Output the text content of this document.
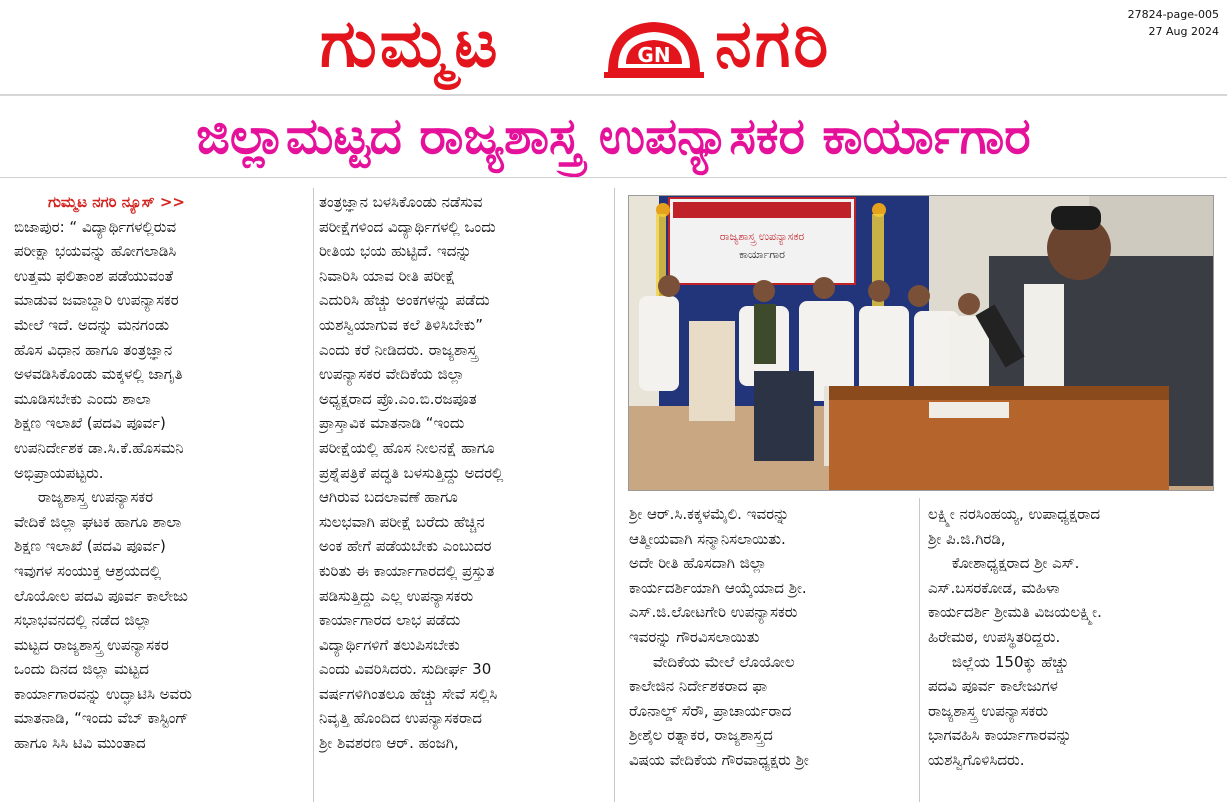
ಗುಮ್ಮಟ	GN ನಗರಿ	27824-page-005
27 Aug 2024
ಜಿಲ್ಲಾಮಟ್ಟದ ರಾಜ್ಯಶಾಸ್ತ್ರ ಉಪನ್ಯಾಸಕರ ಕಾರ್ಯಾಗಾರ
ಗುಮ್ಮಟ ನಗರಿ ನ್ಯೂಸ್ >>
ಬಿಜಾಪುರ: “ ವಿದ್ಯಾರ್ಥಿಗಳಲ್ಲಿರುವ
ಪರೀಕ್ಷಾ ಭಯವನ್ನು ಹೋಗಲಾಡಿಸಿ
ಉತ್ತಮ ಫಲಿತಾಂಶ ಪಡೆಯುವಂತೆ
ಮಾಡುವ ಜವಾಬ್ದಾರಿ ಉಪನ್ಯಾಸಕರ
ಮೇಲೆ ಇದೆ. ಅದನ್ನು ಮನಗಂಡು
ಹೊಸ ವಿಧಾನ ಹಾಗೂ ತಂತ್ರಜ್ಞಾನ
ಅಳವಡಿಸಿಕೊಂಡು ಮಕ್ಕಳಲ್ಲಿ ಜಾಗೃತಿ
ಮೂಡಿಸಬೇಕು ಎಂದು ಶಾಲಾ
ಶಿಕ್ಷಣ ಇಲಾಖೆ (ಪದವಿ ಪೂರ್ವ)
ಉಪನಿರ್ದೇಶಕ ಡಾ.ಸಿ.ಕೆ.ಹೊಸಮನಿ
ಅಭಿಪ್ರಾಯಪಟ್ಟರು.
ರಾಜ್ಯಶಾಸ್ತ್ರ ಉಪನ್ಯಾಸಕರ
ವೇದಿಕೆ ಜಿಲ್ಲಾ ಘಟಕ ಹಾಗೂ ಶಾಲಾ
ಶಿಕ್ಷಣ ಇಲಾಖೆ (ಪದವಿ ಪೂರ್ವ)
ಇವುಗಳ ಸಂಯುಕ್ತ ಆಶ್ರಯದಲ್ಲಿ
ಲೊಯೋಲ ಪದವಿ ಪೂರ್ವ ಕಾಲೇಜು
ಸಭಾಭವನದಲ್ಲಿ ನಡೆದ ಜಿಲ್ಲಾ
ಮಟ್ಟದ ರಾಜ್ಯಶಾಸ್ತ್ರ ಉಪನ್ಯಾಸಕರ
ಒಂದು ದಿನದ ಜಿಲ್ಲಾ ಮಟ್ಟದ
ಕಾರ್ಯಾಗಾರವನ್ನು ಉದ್ಘಾಟಿಸಿ ಅವರು
ಮಾತನಾಡಿ, “ಇಂದು ವೆಬ್ ಕಾಸ್ಟಿಂಗ್
ಹಾಗೂ ಸಿಸಿ ಟಿವಿ ಮುಂತಾದ
ತಂತ್ರಜ್ಞಾನ ಬಳಸಿಕೊಂಡು ನಡೆಸುವ
ಪರೀಕ್ಷೆಗಳಿಂದ ವಿದ್ಯಾರ್ಥಿಗಳಲ್ಲಿ ಒಂದು
ರೀತಿಯ ಭಯ ಹುಟ್ಟಿದೆ. ಇದನ್ನು
ನಿವಾರಿಸಿ ಯಾವ ರೀತಿ ಪರೀಕ್ಷೆ
ಎದುರಿಸಿ ಹೆಚ್ಚು ಅಂಕಗಳನ್ನು ಪಡೆದು
ಯಶಸ್ವಿಯಾಗುವ ಕಲೆ ತಿಳಿಸಿಬೇಕು”
ಎಂದು ಕರೆ ನೀಡಿದರು. ರಾಜ್ಯಶಾಸ್ತ್ರ
ಉಪನ್ಯಾಸಕರ ವೇದಿಕೆಯ ಜಿಲ್ಲಾ
ಅಧ್ಯಕ್ಷರಾದ ಪ್ರೊ.ಎಂ.ಬಿ.ರಜಪೂತ
ಪ್ರಾಸ್ತಾವಿಕ ಮಾತನಾಡಿ “ಇಂದು
ಪರೀಕ್ಷೆಯಲ್ಲಿ ಹೊಸ ನೀಲನಕ್ಷೆ ಹಾಗೂ
ಪ್ರಶ್ನೆಪತ್ರಿಕೆ ಪದ್ಧತಿ ಬಳಸುತ್ತಿದ್ದು ಅದರಲ್ಲಿ
ಆಗಿರುವ ಬದಲಾವಣೆ ಹಾಗೂ
ಸುಲಭವಾಗಿ ಪರೀಕ್ಷೆ ಬರೆದು ಹೆಚ್ಚಿನ
ಅಂಕ ಹೇಗೆ ಪಡೆಯಬೇಕು ಎಂಬುದರ
ಕುರಿತು ಈ ಕಾರ್ಯಾಗಾರದಲ್ಲಿ ಪ್ರಸ್ತುತ
ಪಡಿಸುತ್ತಿದ್ದು ಎಲ್ಲ ಉಪನ್ಯಾಸಕರು
ಕಾರ್ಯಾಗಾರದ ಲಾಭ ಪಡೆದು
ವಿದ್ಯಾರ್ಥಿಗಳಿಗೆ ತಲುಪಿಸಬೇಕು
ಎಂದು ವಿವರಿಸಿದರು. ಸುದೀರ್ಘ 30
ವರ್ಷಗಳಿಗಿಂತಲೂ ಹೆಚ್ಚು ಸೇವೆ ಸಲ್ಲಿಸಿ
ನಿವೃತ್ತಿ ಹೊಂದಿದ ಉಪನ್ಯಾಸಕರಾದ
ಶ್ರೀ ಶಿವಶರಣ ಆರ್. ಹಂಜಗಿ,
ರಾಜ್ಯಶಾಸ್ತ್ರ ಉಪನ್ಯಾಸಕರ
ಕಾರ್ಯಾಗಾರ
ಶ್ರೀ ಆರ್.ಸಿ.ಕಕ್ಕಳಮೈಲಿ. ಇವರನ್ನು
ಆತ್ಮೀಯವಾಗಿ ಸನ್ಮಾನಿಸಲಾಯಿತು.
ಅದೇ ರೀತಿ ಹೊಸದಾಗಿ ಜಿಲ್ಲಾ
ಕಾರ್ಯದರ್ಶಿಯಾಗಿ ಆಯ್ಕೆಯಾದ ಶ್ರೀ.
ಎಸ್.ಜಿ.ಲೋಟಗೇರಿ ಉಪನ್ಯಾಸಕರು
ಇವರನ್ನು ಗೌರವಿಸಲಾಯಿತು
ವೇದಿಕೆಯ ಮೇಲೆ ಲೊಯೋಲ
ಕಾಲೇಜಿನ ನಿರ್ದೇಶಕರಾದ ಫಾ
ರೊನಾಲ್ಡ್ ಸೆರೌ, ಪ್ರಾಚಾರ್ಯರಾದ
ಶ್ರೀಶೈಲ ರತ್ನಾಕರ, ರಾಜ್ಯಶಾಸ್ತ್ರದ
ವಿಷಯ ವೇದಿಕೆಯ ಗೌರವಾಧ್ಯಕ್ಷರು ಶ್ರೀ
ಲಕ್ಷ್ಮೀ ನರಸಿಂಹಯ್ಯ, ಉಪಾಧ್ಯಕ್ಷರಾದ
ಶ್ರೀ ಪಿ.ಜಿ.ಗಿರಡಿ,
ಕೋಶಾಧ್ಯಕ್ಷರಾದ ಶ್ರೀ ಎಸ್.
ಎಸ್.ಬಸರಕೋಡ, ಮಹಿಳಾ
ಕಾರ್ಯದರ್ಶಿ ಶ್ರೀಮತಿ ವಿಜಯಲಕ್ಷ್ಮೀ.
ಹಿರೇಮಠ, ಉಪಸ್ಥಿತರಿದ್ದರು.
ಜಿಲ್ಲೆಯ 150ಕ್ಕು ಹೆಚ್ಚು
ಪದವಿ ಪೂರ್ವ ಕಾಲೇಜುಗಳ
ರಾಜ್ಯಶಾಸ್ತ್ರ ಉಪನ್ಯಾಸಕರು
ಭಾಗವಹಿಸಿ ಕಾರ್ಯಾಗಾರವನ್ನು
ಯಶಸ್ವಿಗೊಳಿಸಿದರು.
